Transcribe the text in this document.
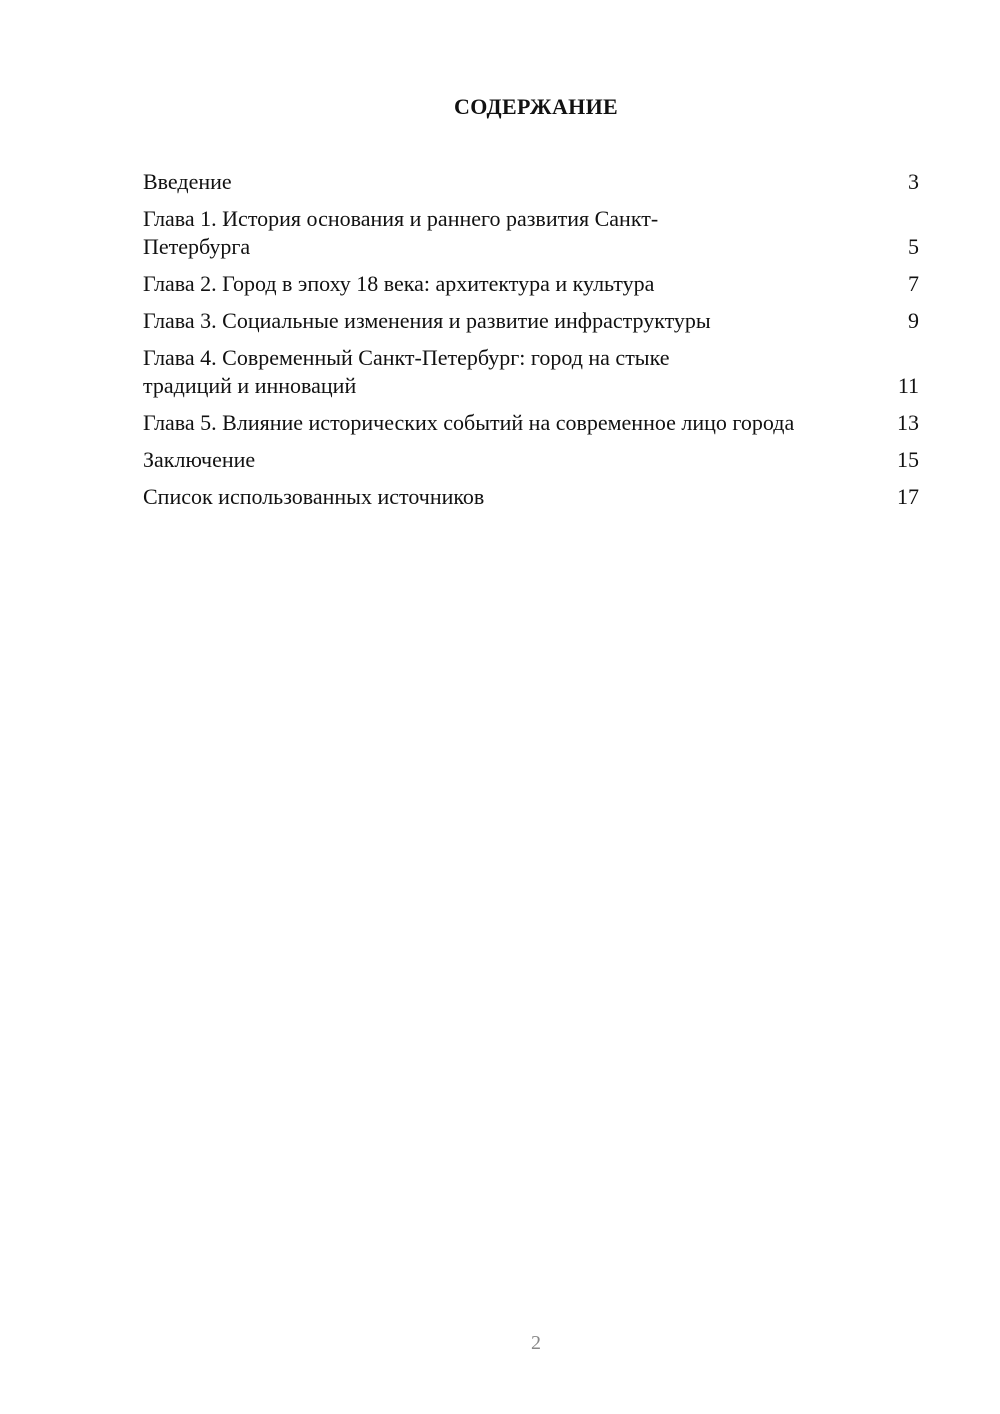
СОДЕРЖАНИЕ
Введение	3
Глава 1. История основания и раннего развития Санкт-Петербурга	5
Глава 2. Город в эпоху 18 века: архитектура и культура	7
Глава 3. Социальные изменения и развитие инфраструктуры	9
Глава 4. Современный Санкт-Петербург: город на стыке традиций и инноваций	11
Глава 5. Влияние исторических событий на современное лицо города	13
Заключение	15
Список использованных источников	17
2
